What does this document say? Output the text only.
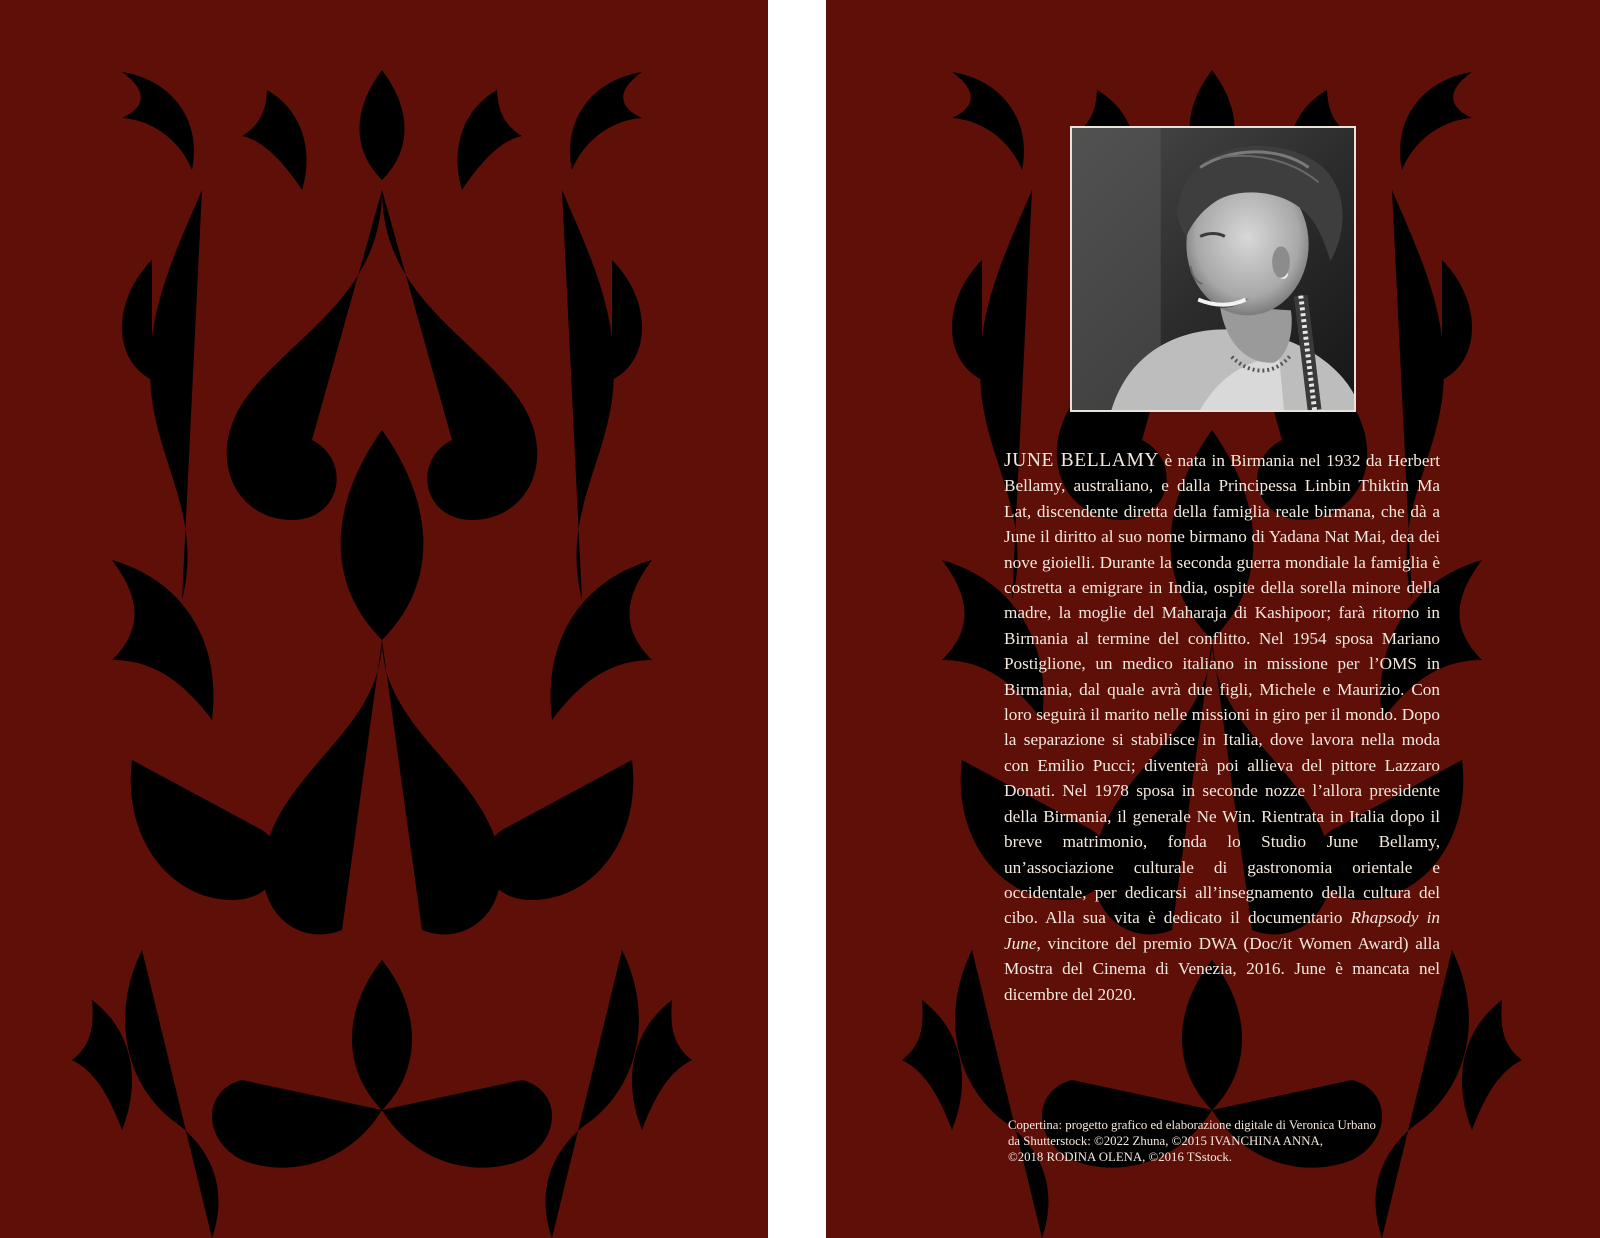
JUNE BELLAMY è nata in Birmania nel 1932 da Herbert Bellamy, australiano, e dalla Principessa Linbin Thiktin Ma Lat, discendente diretta della famiglia reale birmana, che dà a June il diritto al suo nome birmano di Yadana Nat Mai, dea dei nove gioielli. Durante la seconda guerra mondiale la famiglia è costretta a emigrare in India, ospite della sorella minore della madre, la moglie del Maharaja di Kashipoor; farà ritorno in Birmania al termine del conflitto. Nel 1954 sposa Mariano Postiglione, un medico italiano in missione per l’OMS in Birmania, dal quale avrà due figli, Michele e Maurizio. Con loro seguirà il marito nelle missioni in giro per il mondo. Dopo la separazione si stabilisce in Italia, dove lavora nella moda con Emilio Pucci; diventerà poi allieva del pittore Lazzaro Donati. Nel 1978 sposa in seconde nozze l’allora presidente della Birmania, il generale Ne Win. Rientrata in Italia dopo il breve matrimonio, fonda lo Studio June Bellamy, un’associazione culturale di gastronomia orientale e occidentale, per dedicarsi all’insegnamento della cultura del cibo. Alla sua vita è dedicato il documentario Rhapsody in June, vincitore del premio DWA (Doc/it Women Award) alla Mostra del Cinema di Venezia, 2016. June è mancata nel dicembre del 2020.

Copertina: progetto grafico ed elaborazione digitale di Veronica Urbano
da Shutterstock: ©2022 Zhuna, ©2015 IVANCHINA ANNA,
©2018 RODINA OLENA, ©2016 TSstock.
